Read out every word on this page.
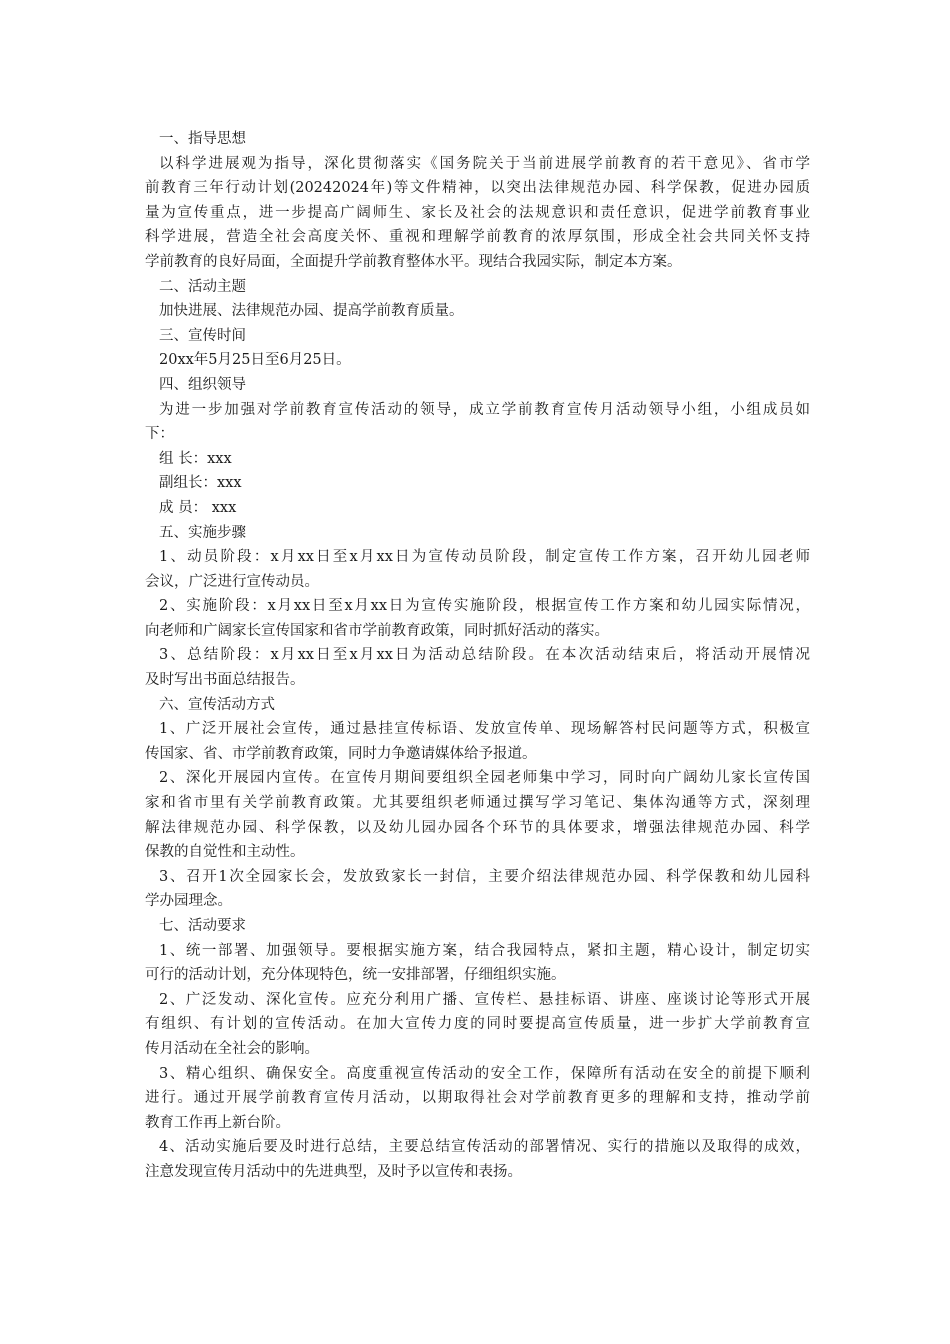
一、指导思想
以科学进展观为指导，深化贯彻落实《国务院关于当前进展学前教育的若干意见》、省市学
前教育三年行动计划(20242024年)等文件精神，以突出法律规范办园、科学保教，促进办园质
量为宣传重点，进一步提高广阔师生、家长及社会的法规意识和责任意识，促进学前教育事业
科学进展，营造全社会高度关怀、重视和理解学前教育的浓厚氛围，形成全社会共同关怀支持
学前教育的良好局面，全面提升学前教育整体水平。现结合我园实际，制定本方案。
二、活动主题
加快进展、法律规范办园、提高学前教育质量。
三、宣传时间
20xx年5月25日至6月25日。
四、组织领导
为进一步加强对学前教育宣传活动的领导，成立学前教育宣传月活动领导小组，小组成员如
下：
组 长：xxx
副组长：xxx
成 员： xxx
五、实施步骤
1、动员阶段：x月xx日至x月xx日为宣传动员阶段，制定宣传工作方案，召开幼儿园老师
会议，广泛进行宣传动员。
2、实施阶段：x月xx日至x月xx日为宣传实施阶段，根据宣传工作方案和幼儿园实际情况，
向老师和广阔家长宣传国家和省市学前教育政策，同时抓好活动的落实。
3、总结阶段：x月xx日至x月xx日为活动总结阶段。在本次活动结束后，将活动开展情况
及时写出书面总结报告。
六、宣传活动方式
1、广泛开展社会宣传，通过悬挂宣传标语、发放宣传单、现场解答村民问题等方式，积极宣
传国家、省、市学前教育政策，同时力争邀请媒体给予报道。
2、深化开展园内宣传。在宣传月期间要组织全园老师集中学习，同时向广阔幼儿家长宣传国
家和省市里有关学前教育政策。尤其要组织老师通过撰写学习笔记、集体沟通等方式，深刻理
解法律规范办园、科学保教，以及幼儿园办园各个环节的具体要求，增强法律规范办园、科学
保教的自觉性和主动性。
3、召开1次全园家长会，发放致家长一封信，主要介绍法律规范办园、科学保教和幼儿园科
学办园理念。
七、活动要求
1、统一部署、加强领导。要根据实施方案，结合我园特点，紧扣主题，精心设计，制定切实
可行的活动计划，充分体现特色，统一安排部署，仔细组织实施。
2、广泛发动、深化宣传。应充分利用广播、宣传栏、悬挂标语、讲座、座谈讨论等形式开展
有组织、有计划的宣传活动。在加大宣传力度的同时要提高宣传质量，进一步扩大学前教育宣
传月活动在全社会的影响。
3、精心组织、确保安全。高度重视宣传活动的安全工作，保障所有活动在安全的前提下顺利
进行。通过开展学前教育宣传月活动，以期取得社会对学前教育更多的理解和支持，推动学前
教育工作再上新台阶。
4、活动实施后要及时进行总结，主要总结宣传活动的部署情况、实行的措施以及取得的成效，
注意发现宣传月活动中的先进典型，及时予以宣传和表扬。
